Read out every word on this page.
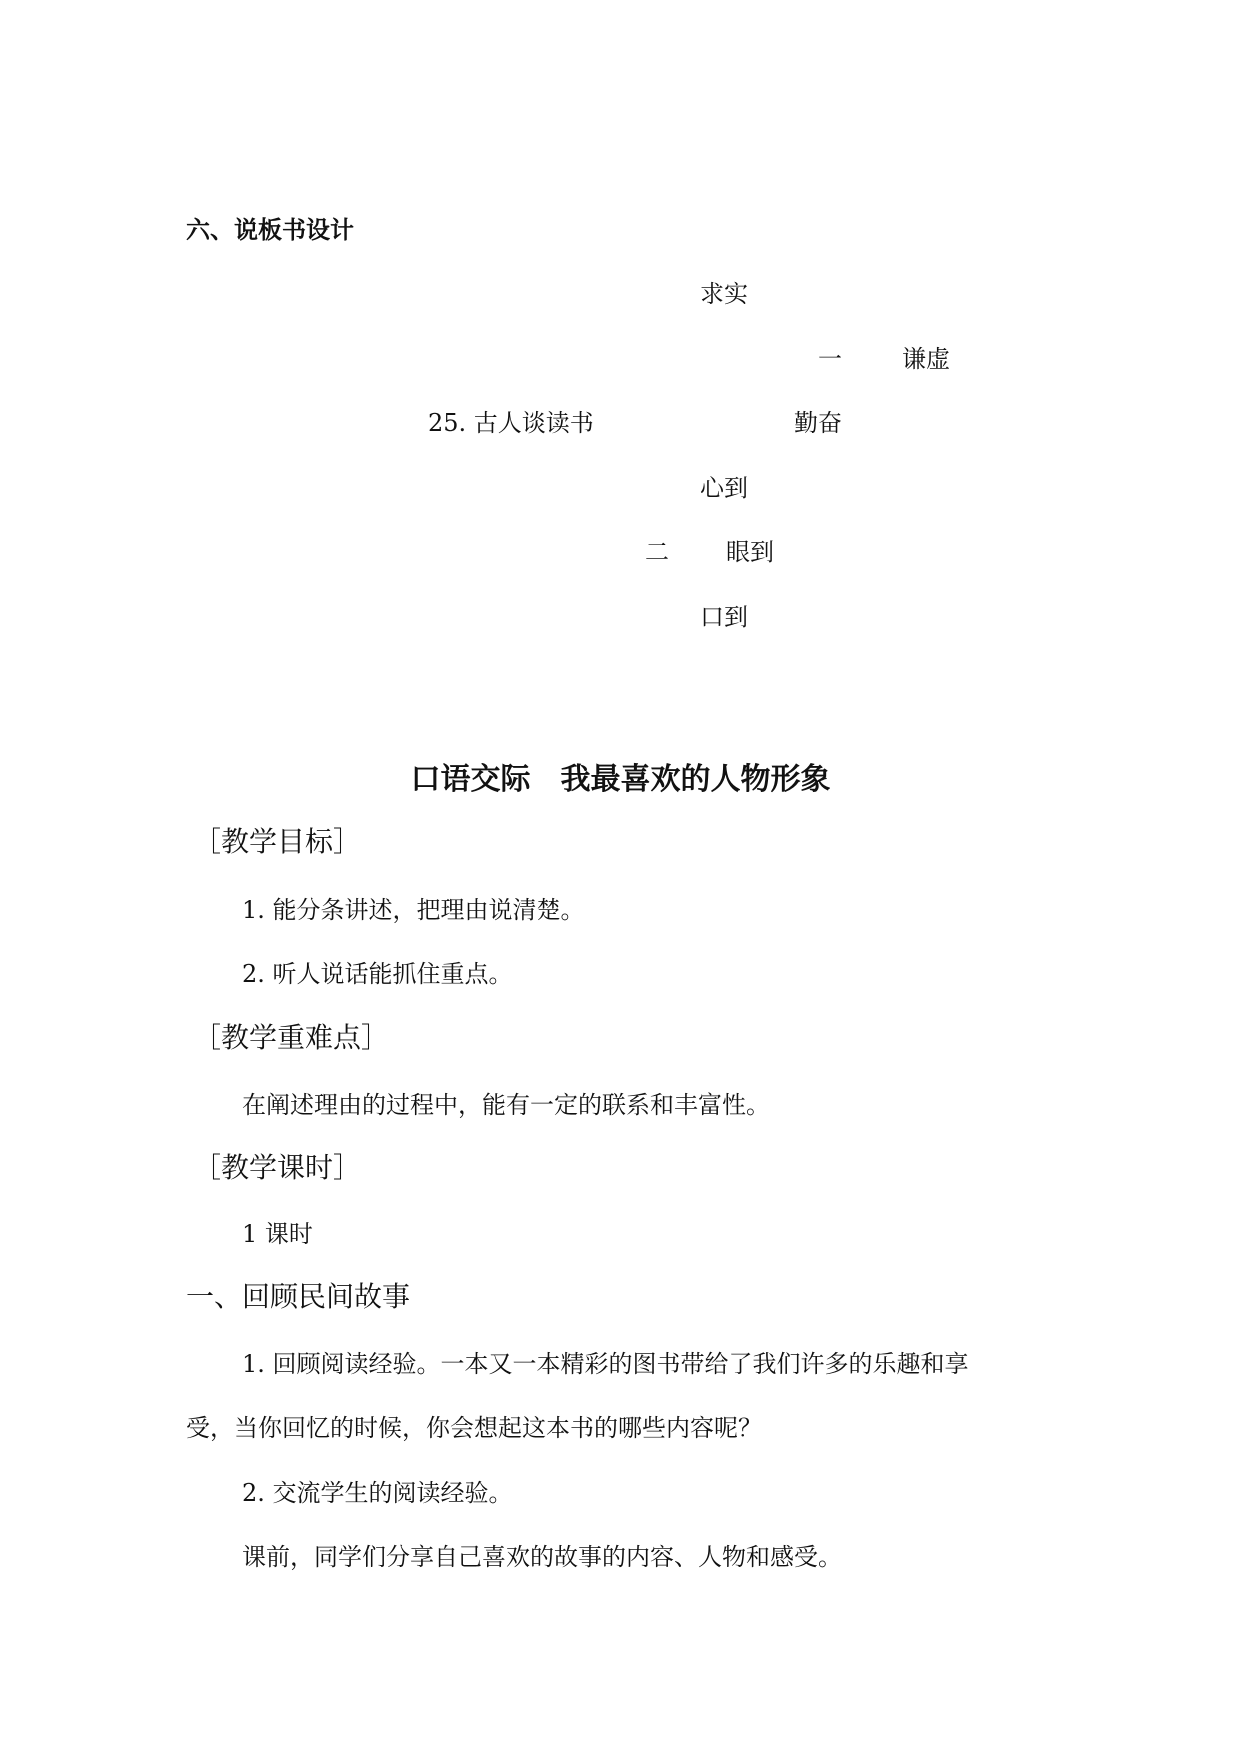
六、说板书设计
求实
一	谦虚
25. 古人谈读书	勤奋
心到
二 眼到
口到
口语交际　我最喜欢的人物形象
［教学目标］
1. 能分条讲述，把理由说清楚。
2. 听人说话能抓住重点。
［教学重难点］
在阐述理由的过程中，能有一定的联系和丰富性。
［教学课时］
1 课时
一、回顾民间故事
1. 回顾阅读经验。一本又一本精彩的图书带给了我们许多的乐趣和享
受，当你回忆的时候，你会想起这本书的哪些内容呢？
2. 交流学生的阅读经验。
课前，同学们分享自己喜欢的故事的内容、人物和感受。
